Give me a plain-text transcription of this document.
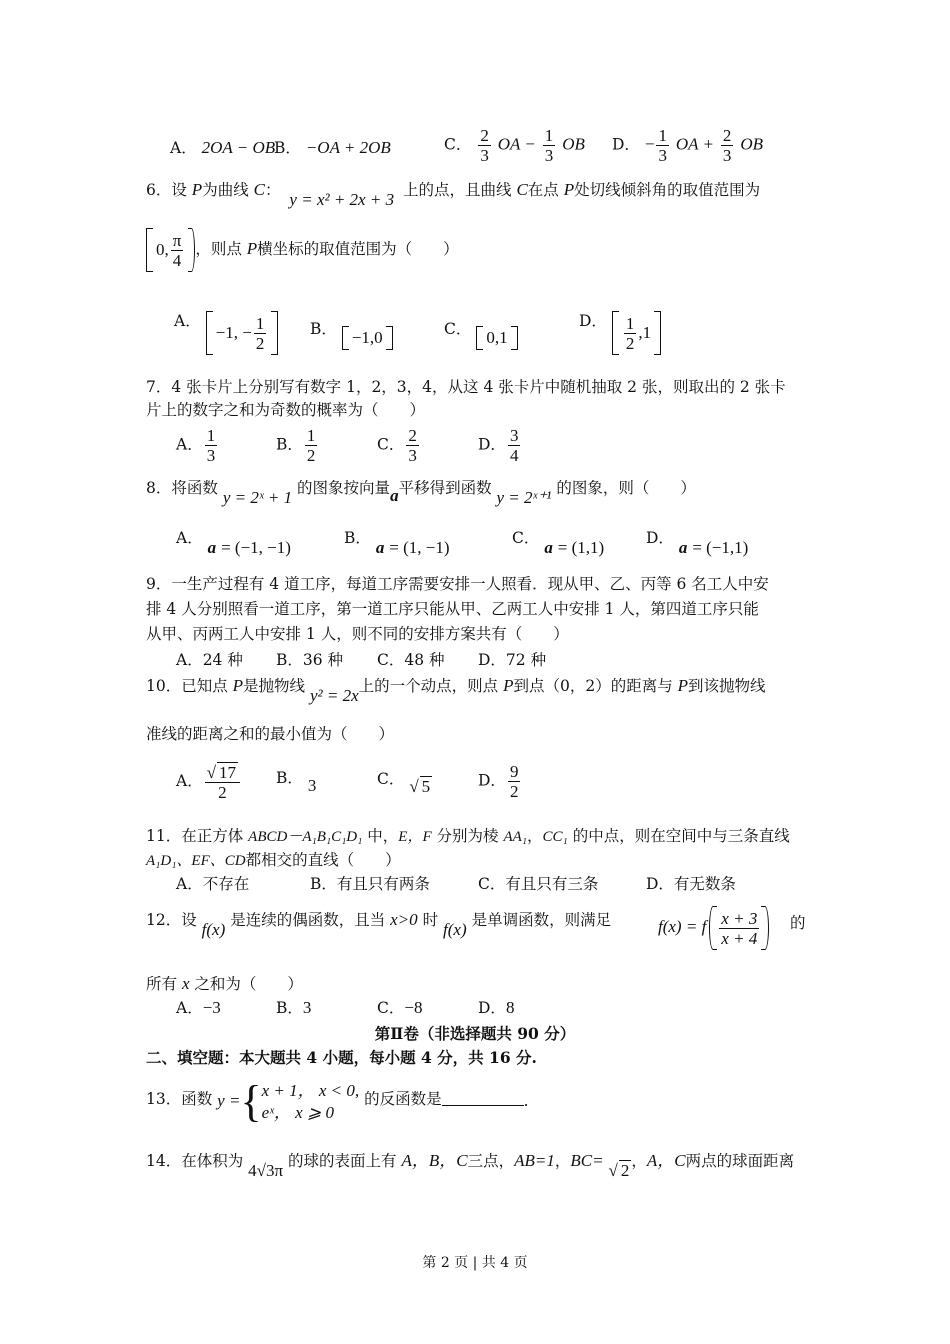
A． 2OA − OB
B． −OA + 2OB	C． $\frac{2}{3}$ OA − $\frac{1}{3}$ OB D． − $\frac{1}{3}$ OA + $\frac{2}{3}$ OB
6．设 P为曲线 C： y = x² + 2x + 3 上的点，且曲线 C在点 P处切线倾斜角的取值范围为
0, $\frac{\pi}{4}$ ，则点 P横坐标的取值范围为（　　）
A．
−1, − $\frac{1}{2}$	B． −1,0	C． 0,1
D． $\frac{1}{2} ,1$
7．4 张卡片上分别写有数字 1，2，3，4，从这 4 张卡片中随机抽取 2 张，则取出的 2 张卡
片上的数字之和为奇数的概率为（　　）
A． $\frac{1}{3}$	B． $\frac{1}{2}$	C． $\frac{2}{3}$	D． $\frac{3}{4}$
8．将函数 y = 2ˣ + 1 的图象按向量a平移得到函数 y = 2ˣ⁺¹ 的图象，则（　　）
A． a = (−1, −1)	B． a = (1, −1)	C． a = (1,1)	D． a = (−1,1)
9．一生产过程有 4 道工序，每道工序需要安排一人照看．现从甲、乙、丙等 6 名工人中安
排 4 人分别照看一道工序，第一道工序只能从甲、乙两工人中安排 1 人，第四道工序只能
从甲、丙两工人中安排 1 人，则不同的安排方案共有（　　）
A．24 种 B．36 种 C．48 种 D．72 种
10．已知点 P是抛物线 y² = 2x上的一个动点，则点 P到点（0，2）的距离与 P到该抛物线
准线的距离之和的最小值为（　　）
A． $\frac{√ 17}{2}$ B． 3	C． √ 5	D． $\frac{9}{2}$
11．在正方体 ABCD－A₁B₁C₁D₁ 中，E，F 分别为棱 AA₁，CC₁ 的中点，则在空间中与三条直线
A₁D₁、EF、CD都相交的直线（　　）
A．不存在	B．有且只有两条	C．有且只有三条	D．有无数条
12．设 f(x) 是连续的偶函数，且当 x>0 时 f(x) 是单调函数，则满足	f(x) = f $\frac{x + 3}{x + 4}$ 的
所有 x 之和为（　　）
A．−3	B．3	C．−8	D．8
第Ⅱ卷（非选择题共 90 分）
二、填空题：本大题共 4 小题，每小题 4 分，共 16 分.
13．函数 y ={ x + 1， x < 0,
eˣ， x ⩾ 0
的反函数是	.
14．在体积为 4√3π 的球的表面上有 A，B，C三点，AB=1，BC= √ 2 ，A，C两点的球面距离
第 2 页 | 共 4 页
